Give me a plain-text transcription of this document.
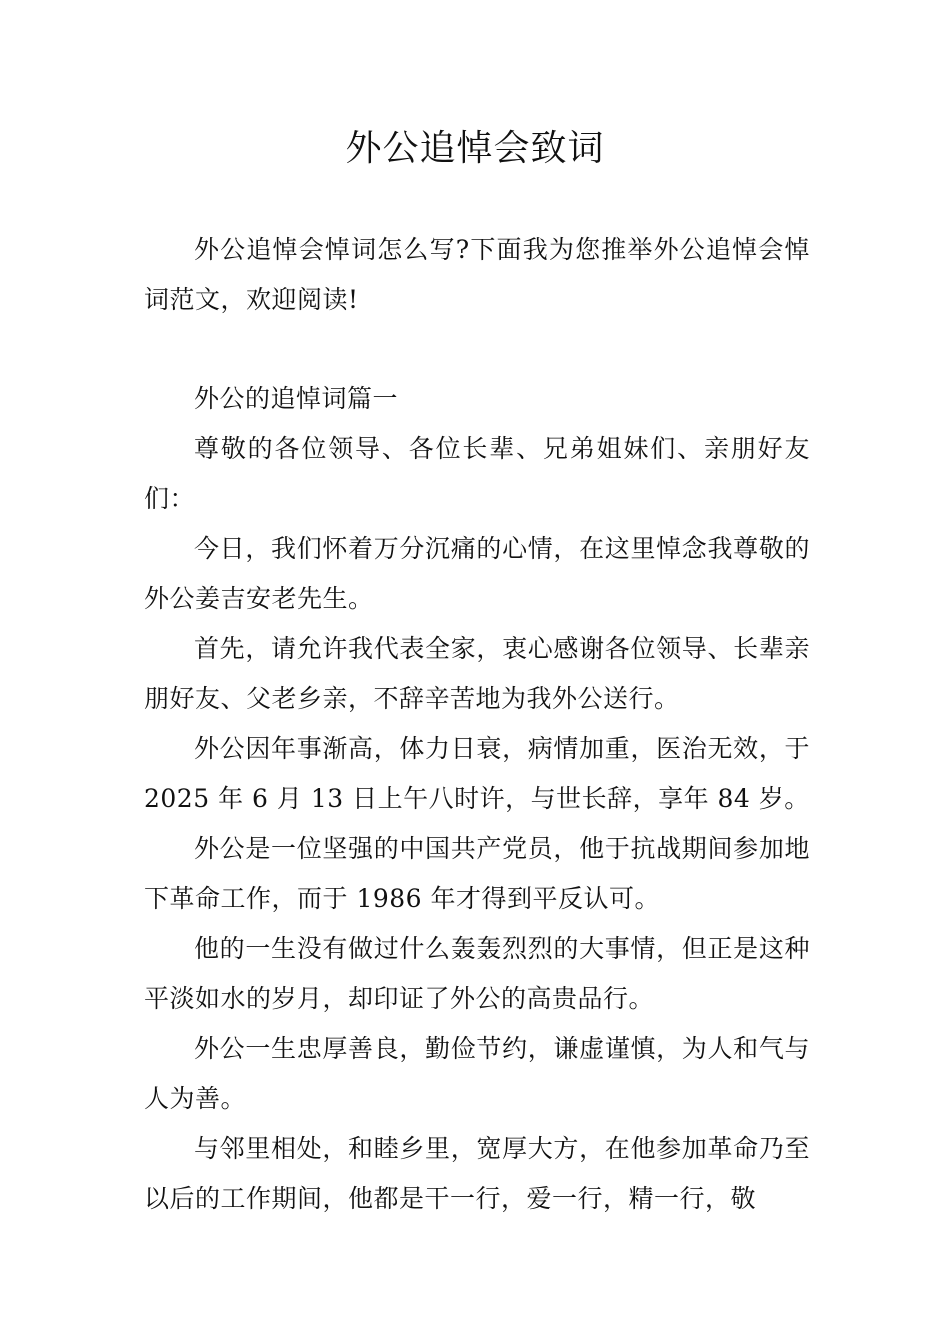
外公追悼会致词

外公追悼会悼词怎么写?下面我为您推举外公追悼会悼词范文，欢迎阅读!

外公的追悼词篇一

尊敬的各位领导、各位长辈、兄弟姐妹们、亲朋好友们：

今日，我们怀着万分沉痛的心情，在这里悼念我尊敬的外公姜吉安老先生。

首先，请允许我代表全家，衷心感谢各位领导、长辈亲朋好友、父老乡亲，不辞辛苦地为我外公送行。

外公因年事渐高，体力日衰，病情加重，医治无效，于 2025 年 6 月 13 日上午八时许，与世长辞，享年 84 岁。

外公是一位坚强的中国共产党员，他于抗战期间参加地下革命工作，而于 1986 年才得到平反认可。

他的一生没有做过什么轰轰烈烈的大事情，但正是这种平淡如水的岁月，却印证了外公的高贵品行。

外公一生忠厚善良，勤俭节约，谦虚谨慎，为人和气与人为善。

与邻里相处，和睦乡里，宽厚大方，在他参加革命乃至以后的工作期间，他都是干一行，爱一行，精一行，敬
